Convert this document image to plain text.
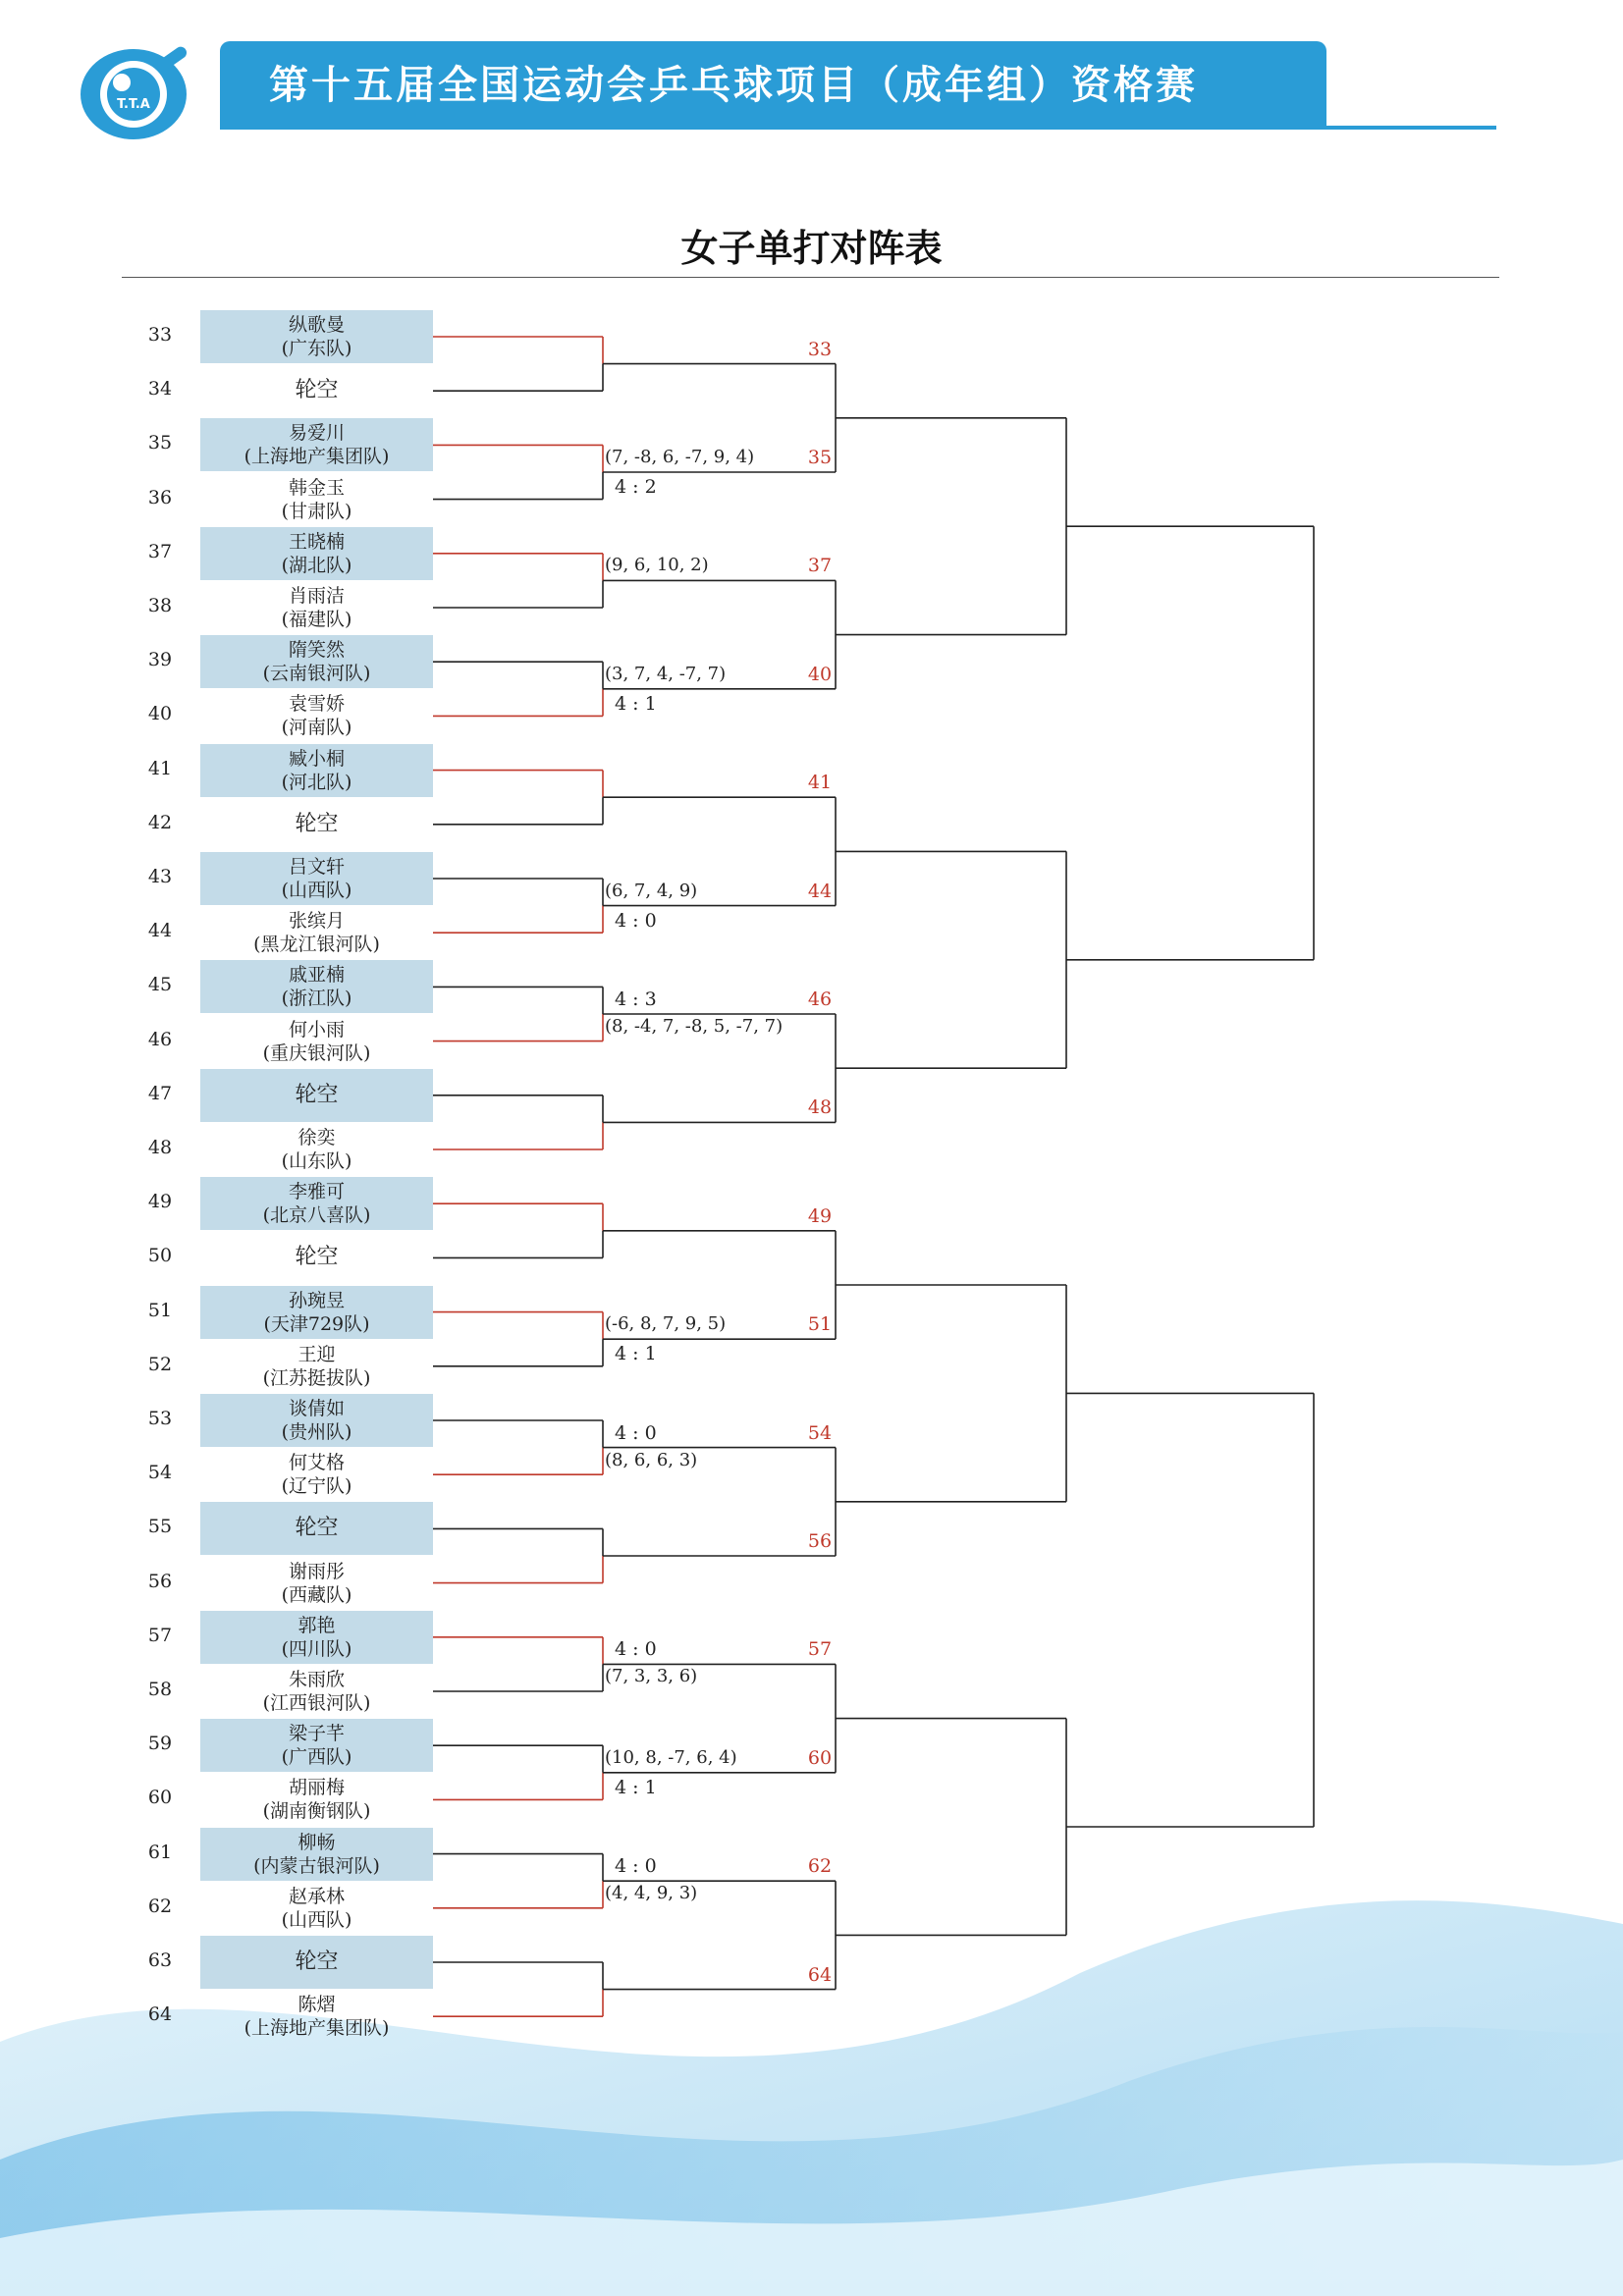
T.T.A	第十五届全国运动会乒乓球项目（成年组）资格赛
女子单打对阵表
33	纵歌曼
(广东队)
34	轮空
35	易爱川
(上海地产集团队)
36	韩金玉
(甘肃队)
37	王晓楠
(湖北队)
38	肖雨洁
(福建队)
39	隋笑然
(云南银河队)
40	袁雪娇
(河南队)
41	臧小桐
(河北队)
42	轮空
43	吕文轩
(山西队)
44	张缤月
(黑龙江银河队)
45	戚亚楠
(浙江队)
46	何小雨
(重庆银河队)
47	轮空
48	徐奕
(山东队)
49	李雅可
(北京八喜队)
50	轮空
51	孙琬昱
(天津729队)
52	王迎
(江苏挺拔队)
53	谈倩如
(贵州队)
54	何艾格
(辽宁队)
55	轮空
56	谢雨彤
(西藏队)
57	郭艳
(四川队)
58	朱雨欣
(江西银河队)
59	梁子芊
(广西队)
60	胡丽梅
(湖南衡钢队)
61	柳畅
(内蒙古银河队)
62	赵承林
(山西队)
63	轮空
64	陈熠
(上海地产集团队)
33
35
(7, -8, 6, -7, 9, 4)
4 : 2
37
(9, 6, 10, 2)
40
(3, 7, 4, -7, 7)
4 : 1
41
44
(6, 7, 4, 9)
4 : 0
46
4 : 3
(8, -4, 7, -8, 5, -7, 7)
48
49
51
(-6, 8, 7, 9, 5)
4 : 1
54
4 : 0
(8, 6, 6, 3)
56
57
4 : 0
(7, 3, 3, 6)
60
(10, 8, -7, 6, 4)
4 : 1
62
4 : 0
(4, 4, 9, 3)
64
